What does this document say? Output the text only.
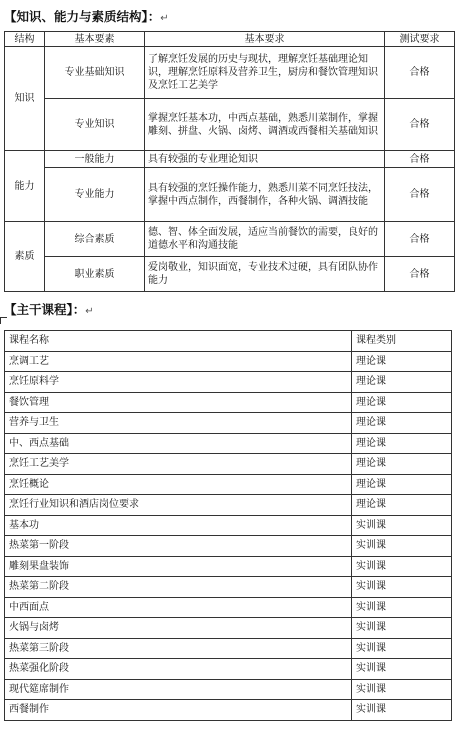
【知识、能力与素质结构】：↵
结构	基本要素	基本要求	测试要求
知识	专业基础知识	了解烹饪发展的历史与现状，理解烹饪基础理论知识，理解烹饪原料及营养卫生，厨房和餐饮管理知识及烹饪工艺美学	合格
	专业知识	掌握烹饪基本功，中西点基础，熟悉川菜制作，掌握雕刻、拼盘、火锅、卤烤、调酒或西餐相关基础知识	合格
能力	一般能力	具有较强的专业理论知识	合格
	专业能力	具有较强的烹饪操作能力，熟悉川菜不同烹饪技法，掌握中西点制作，西餐制作，各种火锅、调酒技能	合格
素质	综合素质	德、智、体全面发展，适应当前餐饮的需要，良好的道德水平和沟通技能	合格
	职业素质	爱岗敬业，知识面宽，专业技术过硬，具有团队协作能力	合格
【主干课程】：↵
课程名称	课程类别
烹调工艺	理论课
烹饪原料学	理论课
餐饮管理	理论课
营养与卫生	理论课
中、西点基础	理论课
烹饪工艺美学	理论课
烹饪概论	理论课
烹饪行业知识和酒店岗位要求	理论课
基本功	实训课
热菜第一阶段	实训课
雕刻果盘装饰	实训课
热菜第二阶段	实训课
中西面点	实训课
火锅与卤烤	实训课
热菜第三阶段	实训课
热菜强化阶段	实训课
现代筵席制作	实训课
西餐制作	实训课
